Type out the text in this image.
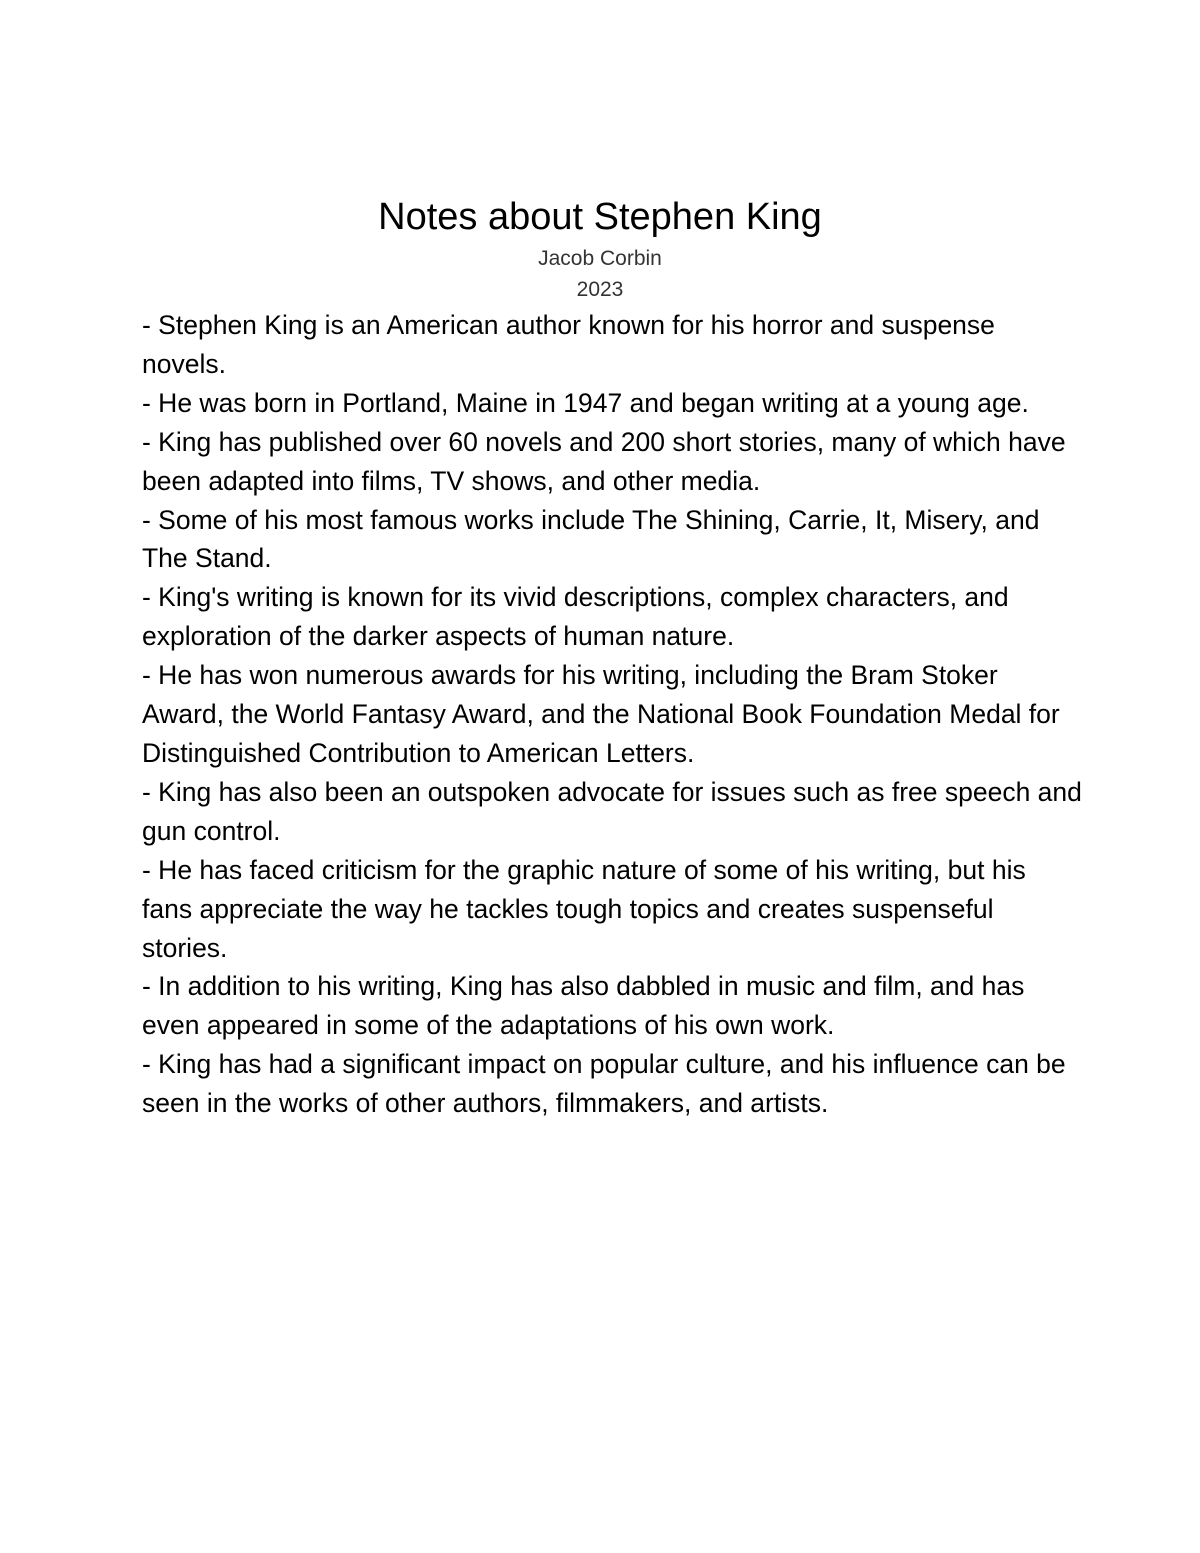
Notes about Stephen King
Jacob Corbin
2023
- Stephen King is an American author known for his horror and suspense novels.
- He was born in Portland, Maine in 1947 and began writing at a young age.
- King has published over 60 novels and 200 short stories, many of which have been adapted into films, TV shows, and other media.
- Some of his most famous works include The Shining, Carrie, It, Misery, and The Stand.
- King's writing is known for its vivid descriptions, complex characters, and exploration of the darker aspects of human nature.
- He has won numerous awards for his writing, including the Bram Stoker Award, the World Fantasy Award, and the National Book Foundation Medal for Distinguished Contribution to American Letters.
- King has also been an outspoken advocate for issues such as free speech and gun control.
- He has faced criticism for the graphic nature of some of his writing, but his fans appreciate the way he tackles tough topics and creates suspenseful stories.
- In addition to his writing, King has also dabbled in music and film, and has even appeared in some of the adaptations of his own work.
- King has had a significant impact on popular culture, and his influence can be seen in the works of other authors, filmmakers, and artists.
